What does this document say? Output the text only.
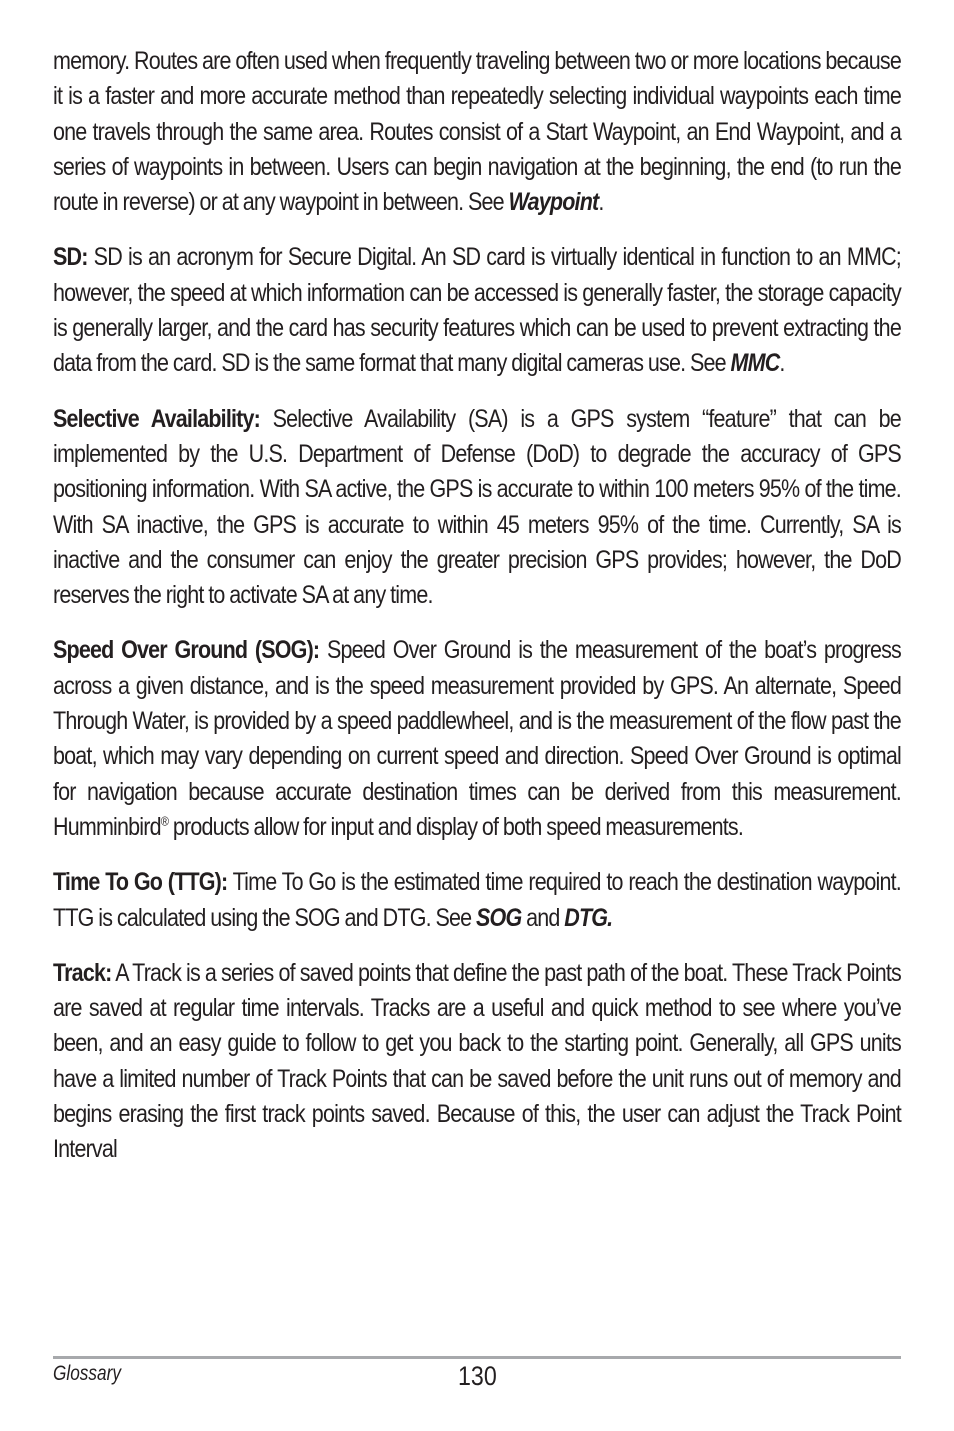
memory. Routes are often used when frequently traveling between two or more locations because it is a faster and more accurate method than repeatedly selecting individual waypoints each time one travels through the same area. Routes consist of a Start Waypoint, an End Waypoint, and a series of waypoints in between. Users can begin navigation at the beginning, the end (to run the route in reverse) or at any waypoint in between. See Waypoint.

SD: SD is an acronym for Secure Digital. An SD card is virtually identical in function to an MMC; however, the speed at which information can be accessed is generally faster, the storage capacity is generally larger, and the card has security features which can be used to prevent extracting the data from the card. SD is the same format that many digital cameras use. See MMC.

Selective Availability: Selective Availability (SA) is a GPS system “feature” that can be implemented by the U.S. Department of Defense (DoD) to degrade the accuracy of GPS positioning information. With SA active, the GPS is accurate to within 100 meters 95% of the time. With SA inactive, the GPS is accurate to within 45 meters 95% of the time. Currently, SA is inactive and the consumer can enjoy the greater precision GPS provides; however, the DoD reserves the right to activate SA at any time.

Speed Over Ground (SOG): Speed Over Ground is the measurement of the boat’s progress across a given distance, and is the speed measurement provided by GPS. An alternate, Speed Through Water, is provided by a speed paddlewheel, and is the measurement of the flow past the boat, which may vary depending on current speed and direction. Speed Over Ground is optimal for navigation because accurate destination times can be derived from this measurement. Humminbird® products allow for input and display of both speed measurements.

Time To Go (TTG): Time To Go is the estimated time required to reach the destination waypoint. TTG is calculated using the SOG and DTG. See SOG and DTG.

Track: A Track is a series of saved points that define the past path of the boat. These Track Points are saved at regular time intervals. Tracks are a useful and quick method to see where you’ve been, and an easy guide to follow to get you back to the starting point. Generally, all GPS units have a limited number of Track Points that can be saved before the unit runs out of memory and begins erasing the first track points saved. Because of this, the user can adjust the Track Point Interval

Glossary	130
